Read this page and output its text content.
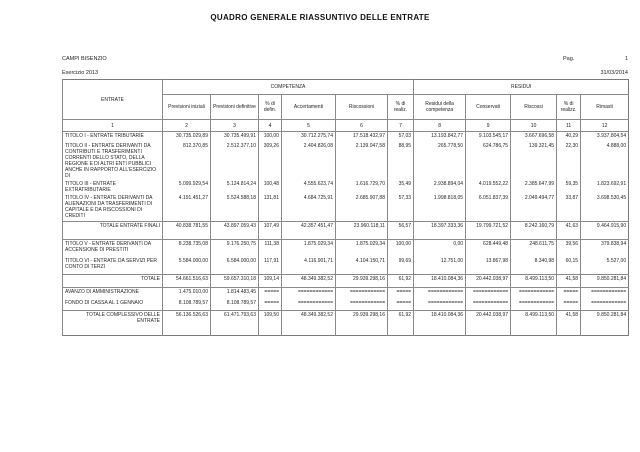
QUADRO GENERALE RIASSUNTIVO DELLE ENTRATE
CAMPI BISENZIO
Esercizio 2013
Pag.	1
31/03/2014
ENTRATE	COMPETENZA						RESIDUI				
	Previsioni iniziali	Previsioni definitive	% di defin.	Accertamenti	Riscossioni	% di realiz.	Residui della competenza	Conservati	Riscossi	% di realizz.	Rimasti
1	2	3	4	5	6	7	8	9	10	11	12
TITOLO I - ENTRATE TRIBUTARIE	30.735.029,89	30.735.499,91	100,00	30.712.275,74	17.518.432,97	57,03	13.193.842,77	9.103.545,17	3.667.696,58	40,29	3.937.804,54
TITOLO II - ENTRATE DERIVANTI DA CONTRIBUTI E TRASFERIMENTI CORRENTI DELLO STATO, DELLA REGIONE E DI ALTRI ENTI PUBBLICI ANCHE IN RAPPORTO ALL'ESERCIZIO DI	812.370,85	2.512.377,10	309,26	2.404.826,08	2.139.047,58	88,95	265.778,50	624.786,75	139.321,45	22,30	4.888,00
TITOLO III - ENTRATE EXTRATRIBUTARIE	5.099.929,54	5.124.814,24	100,48	4.555.623,74	1.616.729,70	35,49	2.938.894,04	4.019.552,22	2.385.647,99	59,35	1.823.692,91
TITOLO IV - ENTRATE DERIVANTI DA ALIENAZIONI DA TRASFERIMENTI DI CAPITALE E DA RISCOSSIONI DI CREDITI	4.191.451,27	5.524.588,18	131,81	4.684.725,91	2.685.907,88	57,33	1.998.818,05	6.051.837,39	2.049.494,77	33,87	3.698.530,45
TOTALE ENTRATE FINALI	40.838.781,55	43.897.059,43	107,49	42.357.451,47	23.960.118,11	56,57	18.397.333,36	19.799.721,52	8.242.160,79	41,63	9.464.915,90
TITOLO V - ENTRATE DERIVANTI DA ACCENSIONE DI PRESTITI	8.238.735,08	9.176.250,75	111,38	1.875.029,34	1.875.029,34	100,00	0,00	628.449,48	248.611,75	39,56	379.838,94
TITOLO VI - ENTRATE DA SERVIZI PER CONTO DI TERZI	5.584.000,00	6.584.000,00	117,91	4.116.901,71	4.104.150,71	99,69	12.751,00	13.867,98	8.340,98	60,15	5.527,00
TOTALE	54.661.516,63	59.657.310,18	109,14	48.349.382,52	29.939.298,16	61,92	18.410.084,36	20.442.038,97	8.499.113,50	41,58	9.850.281,84
AVANZO DI AMMINISTRAZIONE	1.475.010,00	1.814.483,45	=====	============	============	=====	============	============	============	=====	============
FONDO DI CASSA AL 1 GENNAIO	8.108.789,57	8.108.789,57	=====	============	============	=====	============	============	============	=====	============
TOTALE COMPLESSIVO DELLE ENTRATE	56.136.526,63	61.471.793,63	109,50	48.349.382,52	29.939.298,16	61,92	18.410.084,36	20.442.038,97	8.499.113,50	41,58	9.850.281,84
